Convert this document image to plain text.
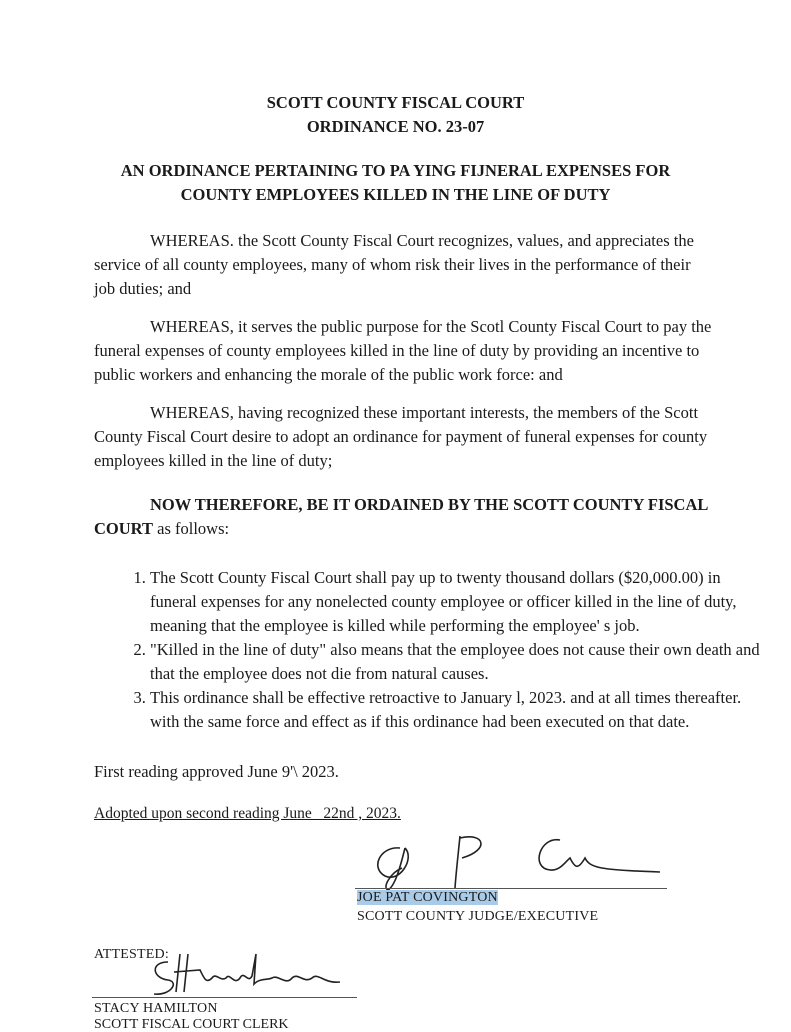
SCOTT COUNTY FISCAL COURT
ORDINANCE NO. 23-07
AN ORDINANCE PERTAINING TO PA YING FIJNERAL EXPENSES FOR
COUNTY EMPLOYEES KILLED IN THE LINE OF DUTY
WHEREAS. the Scott County Fiscal Court recognizes, values, and appreciates the service of all county employees, many of whom risk their lives in the performance of their job duties; and
WHEREAS, it serves the public purpose for the Scotl County Fiscal Court to pay the funeral expenses of county employees killed in the line of duty by providing an incentive to public workers and enhancing the morale of the public work force: and
WHEREAS, having recognized these important interests, the members of the Scott County Fiscal Court desire to adopt an ordinance for payment of funeral expenses for county employees killed in the line of duty;
NOW THEREFORE, BE IT ORDAINED BY THE SCOTT COUNTY FISCAL COURT as follows:
1. The Scott County Fiscal Court shall pay up to twenty thousand dollars ($20,000.00) in funeral expenses for any nonelected county employee or officer killed in the line of duty, meaning that the employee is killed while performing the employee' s job.
2. "Killed in the line of duty" also means that the employee does not cause their own death and that the employee does not die from natural causes.
3. This ordinance shall be effective retroactive to January l, 2023. and at all times thereafter. with the same force and effect as if this ordinance had been executed on that date.
First reading approved June 9'\ 2023.
Adopted upon second reading June _22nd , 2023.
JOE PAT COVINGTON
SCOTT COUNTY JUDGE/EXECUTIVE
ATTESTED:
STACY HAMILTON
SCOTT FISCAL COURT CLERK
